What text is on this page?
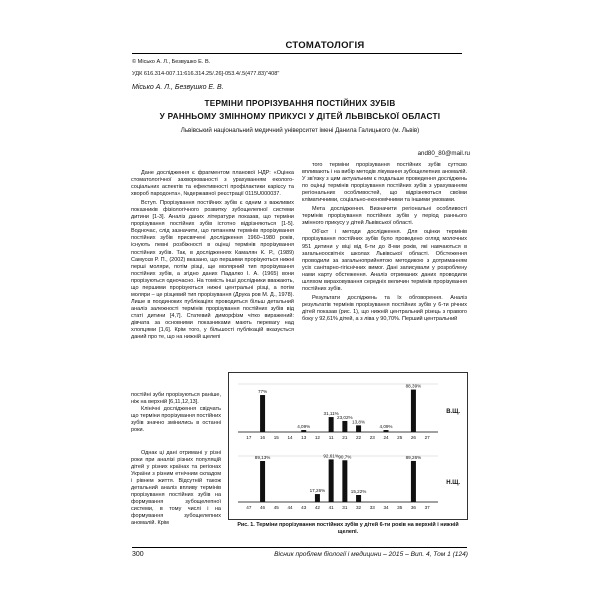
СТОМАТОЛОГІЯ
© Місько А. Л., Безвушко Е. В.
УДК 616.314-007.11:616.314.25/.26]-053.4/.5(477.83)"408"
Місько А. Л., Безвушко Е. В.
ТЕРМІНИ ПРОРІЗУВАННЯ ПОСТІЙНИХ ЗУБІВ
У РАННЬОМУ ЗМІННОМУ ПРИКУСІ У ДІТЕЙ ЛЬВІВСЬКОЇ ОБЛАСТІ
Львівський національний медичний університет імені Данила Галицького (м. Львів)
and80_80@mail.ru

Дане дослідження є фрагментом планової НДР: «Оцінка стоматологічної захворюваності з урахуванням еколого-соціальних аспектів та ефективності профілактики карієсу та хвороб пародонта», №державної реєстрації 0115U000037.

Вступ. Прорізування постійних зубів є одним з важливих показників фізіологічного розвитку зубощелепної системи дитини [1-3]. Аналіз даних літератури показав, що терміни прорізування постійних зубів істотно відрізняються [1-5]. Водночас, слід зазначити, що питанням термінів прорізування постійних зубів присвячені дослідження 1960–1980 років, існують певні розбіжності в оцінці термінів прорізування постійних зубів. Так, в дослідженнях Камалян К. Р., (1989) Самусєв Р. П., (2002) вказано, що першими прорізуються нижні перші моляри, потім різці, ще молярний тип прорізування постійних зубів, а згідно даних Падалко І. А. (1965) вони прорізуються одночасно. На томість інші дослідники вважають, що першими прорізуються нижні центральні різці, а потім моляри – це різцевий тип прорізування (Друка ров М. Д., 1978). Лише в поодиноких публікаціях проводиться більш детальний аналіз залежності термінів прорізування постійних зубів від статі дитини [4,7]. Статевий диморфізм чітко виражений: дівчата за основними показниками мають перевагу над хлопцями [1,6]. Крім того, у більшості публікацій вказується даний про те, що на нижній щелепі

постійні зуби прорізуються раніше, ніж на верхній [6,11,12,13].

Клінічні дослідження свідчать що терміни прорізування постійних зубів значно змінились в останні роки.

Однак ці дані отримані у різні роки при аналізі різних популяцій дітей у різних країнах та регіонах України з різним етнічним складом і рівнем життя. Відсутній також детальний аналіз впливу термінів прорізування постійних зубів на формування зубощелепної системи, в тому числі і на формування зубощелепних аномалій. Крім

того терміни прорізування постійних зубів суттєво впливають і на вибір методів лікування зубощелепних аномалій. У зв'язку з цим актуальним є подальше проведення досліджень по оцінці термінів прорізування постійних зубів з урахуванням регіональних особливостей, що відрізняються своїми кліматичними, соціально-економічними та іншими умовами.

Мета дослідження. Визначити регіональні особливості термінів прорізування постійних зубів у період раннього змінного прикусу у дітей Львівської області.

Об'єкт і методи дослідження. Для оцінки термінів прорізування постійних зубів було проведено огляд молочних 951 дитини у віці від 6-ти до 8-ми років, які навчаються в загальноосвітніх школах Львівської області. Обстеження проводили за загальноприйнятою методикою з дотриманням усіх санітарно-гігієнічних вимог. Дані записували у розроблену нами карту обстеження. Аналіз отриманих даних проводили шляхом вираховування середніх величин термінів прорізування постійних зубів.

Результати досліджень та їх обговорення. Аналіз результатів термінів прорізування постійних зубів у 6-ти річних дітей показав (рис. 1), що нижній центральний різець з правого боку у 92,61% дітей, а з ліва у 90,70%. Перший центральний

17
77%
16 15 14
4,09%
13 12
31,11%
11
23,02%
21
13,8%
22 23
4,09%
24 25
88,39%
26 27
В.Щ.
47
89,13%
46 45 44 43
17,26%
42
92,61%
41
90,7%
31
15,22%
32 33 34 35
89,26%
36 37
Н.Щ.
Рис. 1. Терміни прорізування постійних зубів у дітей 6-ти років на верхній і нижній щелепі.
300	Вісник проблем біології і медицини – 2015 – Вип. 4, Том 1 (124)
